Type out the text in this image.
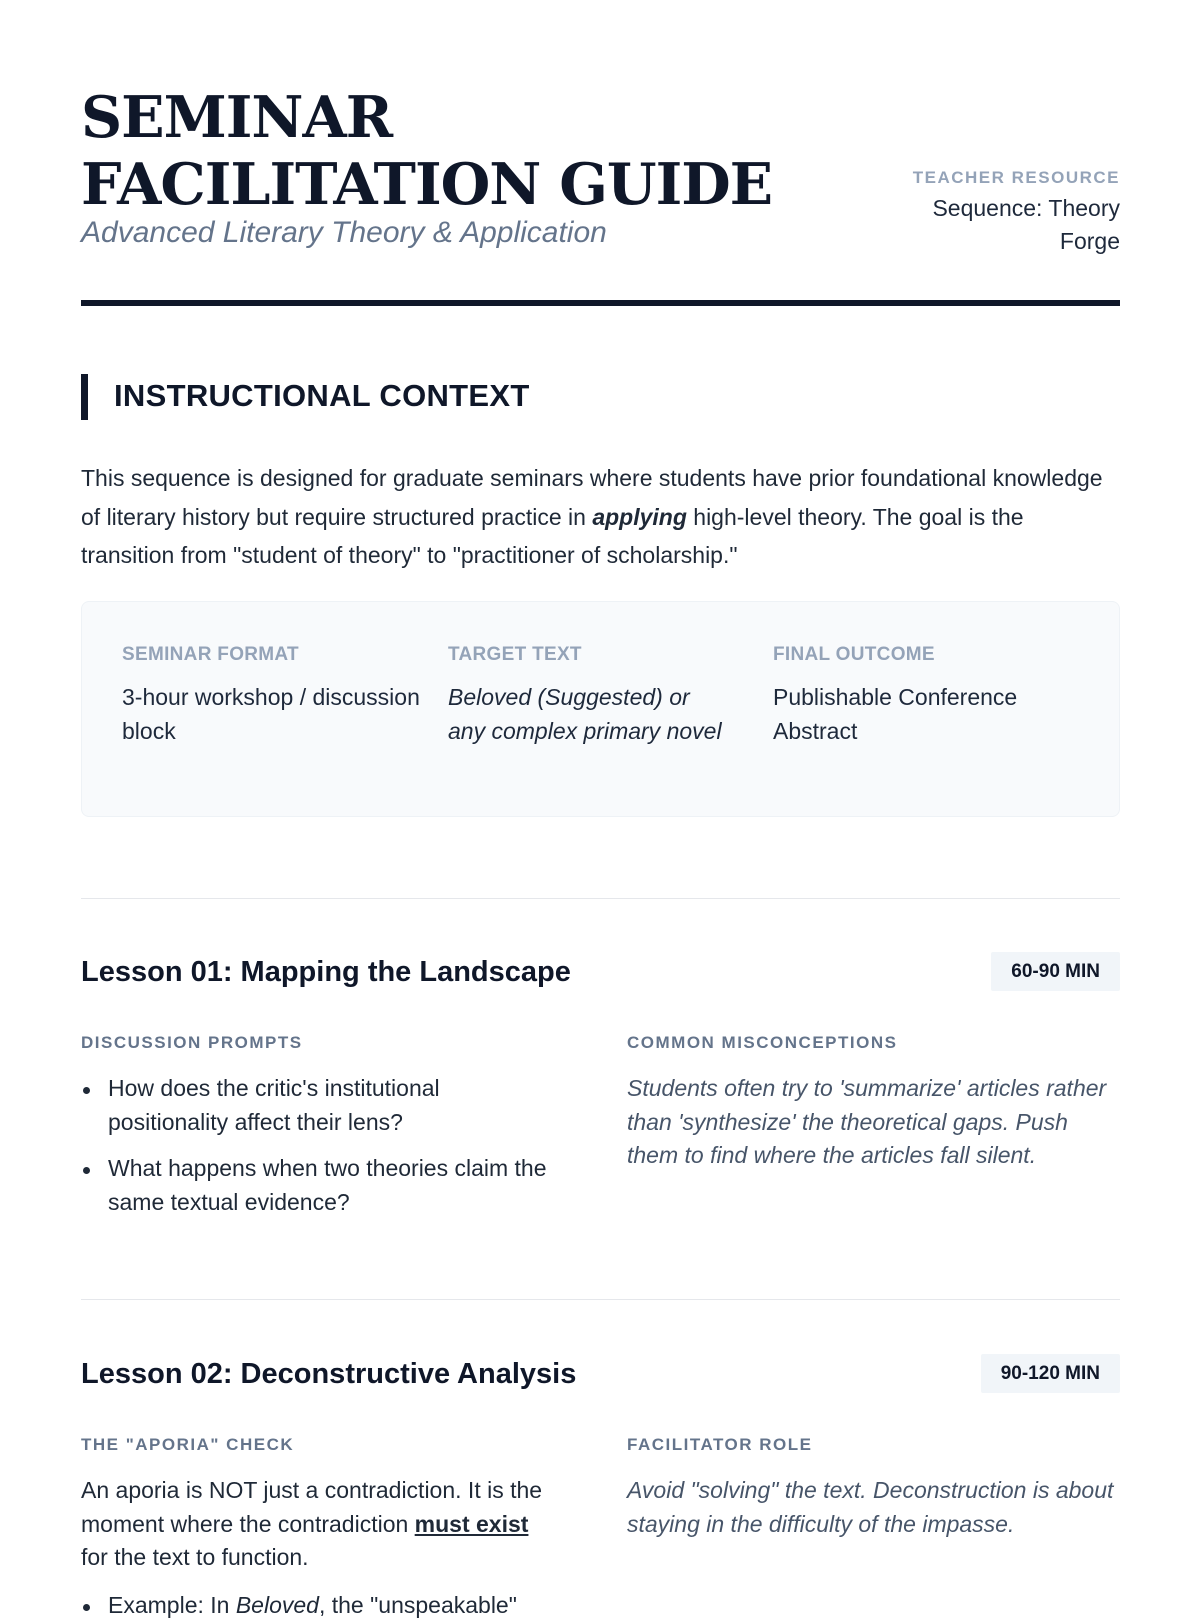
SEMINAR FACILITATION GUIDE
Advanced Literary Theory & Application
TEACHER RESOURCE
Sequence: Theory Forge
INSTRUCTIONAL CONTEXT

This sequence is designed for graduate seminars where students have prior foundational knowledge of literary history but require structured practice in applying high-level theory. The goal is the transition from "student of theory" to "practitioner of scholarship."

SEMINAR FORMAT
3-hour workshop / discussion block
TARGET TEXT
Beloved (Suggested) or any complex primary novel
FINAL OUTCOME
Publishable Conference Abstract
Lesson 01: Mapping the Landscape	60-90 MIN
DISCUSSION PROMPTS
How does the critic's institutional positionality affect their lens?
What happens when two theories claim the same textual evidence?
COMMON MISCONCEPTIONS

Students often try to 'summarize' articles rather than 'synthesize' the theoretical gaps. Push them to find where the articles fall silent.

Lesson 02: Deconstructive Analysis	90-120 MIN
THE "APORIA" CHECK

An aporia is NOT just a contradiction. It is the moment where the contradiction must exist for the text to function.

Example: In Beloved, the "unspeakable"
FACILITATOR ROLE

Avoid "solving" the text. Deconstruction is about staying in the difficulty of the impasse.
